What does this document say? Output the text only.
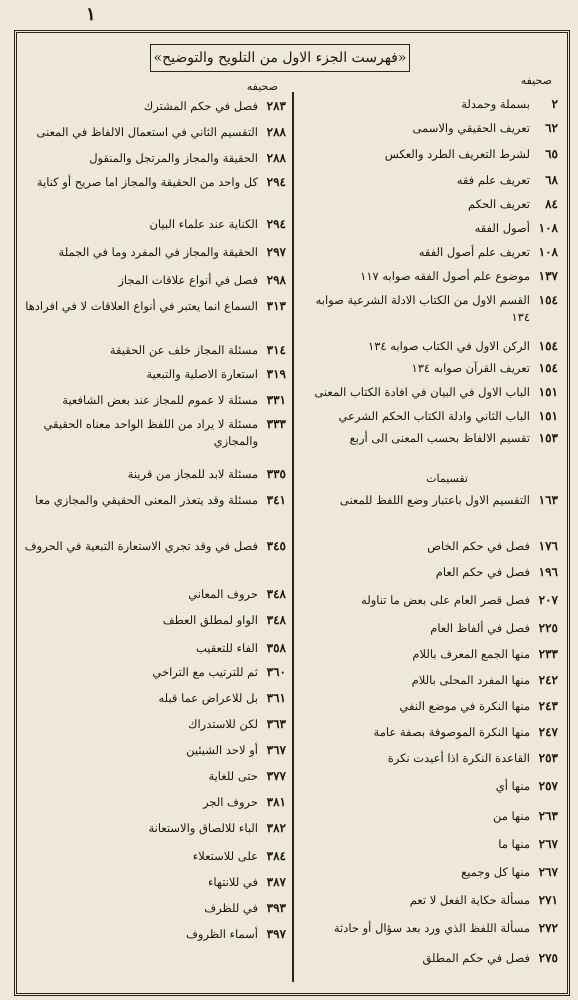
١
«فهرست الجزء الاول من التلويح والتوضيح»
صحيفه
صحيفه
تقسيمات
٢
بسملة وحمدلة
٦٢
تعريف الحقيقي والاسمى
٦٥
لشرط التعريف الطرد والعكس
٦٨
تعريف علم فقه
٨٤
تعريف الحكم
١٠٨
أصول الفقه
١٠٨
تعريف علم أصول الفقه
١٣٧
موضوع علم أصول الفقه صوابه ١١٧
١٥٤
القسم الاول من الكتاب الادلة الشرعية صوابه ١٣٤
١٥٤
الركن الاول في الكتاب صوابه ١٣٤
١٥٤
تعريف القرآن صوابه ١٣٤
١٥١
الباب الاول في البيان في افادة الكتاب المعنى
١٥١
الباب الثاني وادلة الكتاب الحكم الشرعي
١٥٣
تقسيم الالفاظ بحسب المعنى الى أربع
١٦٣
التقسيم الاول باعتبار وضع اللفظ للمعنى
١٧٦
فصل في حكم الخاص
١٩٦
فصل في حكم العام
٢٠٧
فصل قصر العام على بعض ما تناوله
٢٢٥
فصل في ألفاظ العام
٢٣٣
منها الجمع المعرف باللام
٢٤٢
منها المفرد المحلى باللام
٢٤٣
منها النكرة في موضع النفي
٢٤٧
منها النكرة الموصوفة بصفة عامة
٢٥٣
القاعدة النكرة اذا أعيدت نكرة
٢٥٧
منها أي
٢٦٣
منها من
٢٦٧
منها ما
٢٦٧
منها كل وجميع
٢٧١
مسألة حكاية الفعل لا تعم
٢٧٢
مسألة اللفظ الذي ورد بعد سؤال أو حادثة
٢٧٥
فصل في حكم المطلق
٢٨٣
فصل في حكم المشترك
٢٨٨
التقسيم الثاني في استعمال الالفاظ في المعنى
٢٨٨
الحقيقة والمجاز والمرتجل والمنقول
٢٩٤
كل واحد من الحقيقة والمجاز اما صريح أو كناية
٢٩٤
الكناية عند علماء البيان
٢٩٧
الحقيقة والمجاز في المفرد وما في الجملة
٢٩٨
فصل في أنواع علاقات المجاز
٣١٣
السماع انما يعتبر في أنواع العلاقات لا في افرادها
٣١٤
مسئلة المجاز خلف عن الحقيقة
٣١٩
استعارة الاصلية والتبعية
٣٣١
مسئلة لا عموم للمجاز عند بعض الشافعية
٣٣٣
مسئلة لا يراد من اللفظ الواحد معناه الحقيقي والمجازي
٣٣٥
مسئلة لابد للمجاز من قرينة
٣٤١
مسئلة وقد يتعذر المعنى الحقيقي والمجازي معا
٣٤٥
فصل في وقد تجري الاستعارة التبعية في الحروف
٣٤٨
حروف المعاني
٣٤٨
الواو لمطلق العطف
٣٥٨
الفاء للتعقيب
٣٦٠
ثم للترتيب مع التراخي
٣٦١
بل للاعراض عما قبله
٣٦٣
لكن للاستدراك
٣٦٧
أو لاحد الشيئين
٣٧٧
حتى للغاية
٣٨١
حروف الجر
٣٨٢
الباء للالصاق والاستعانة
٣٨٤
على للاستعلاء
٣٨٧
في للانتهاء
٣٩٣
في للظرف
٣٩٧
أسماء الظروف
